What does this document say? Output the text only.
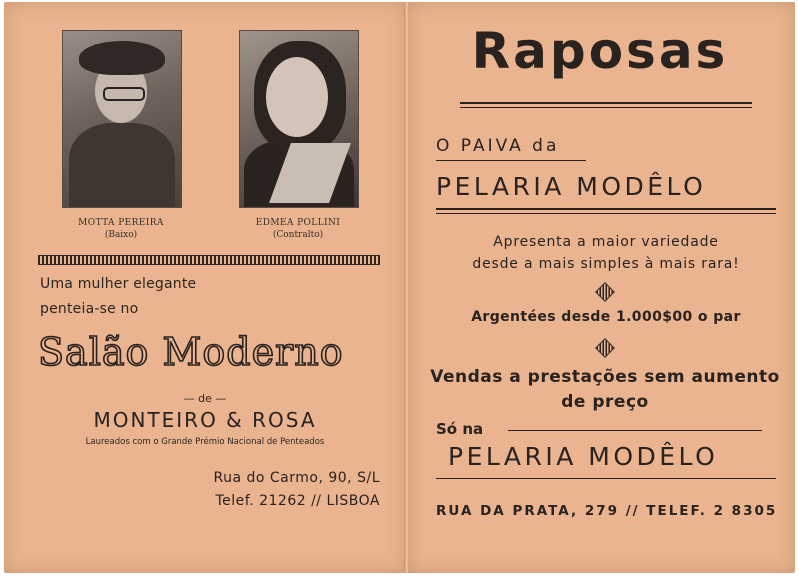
MOTTA PEREIRA
(Baixo)
EDMEA POLLINI
(Contralto)
Uma mulher elegante
penteia-se no
Salão Moderno
— de —
MONTEIRO & ROSA
Laureados com o Grande Prémio Nacional de Penteados
Rua do Carmo, 90, S/L
Telef. 21262 // LISBOA
Raposas
O PAIVA da
PELARIA MODÊLO
Apresenta a maior variedade
desde a mais simples à mais rara!
Argentées desde 1.000$00 o par
Vendas a prestações sem aumento
de preço
Só na
PELARIA MODÊLO
RUA DA PRATA, 279 // TELEF. 2 8305
